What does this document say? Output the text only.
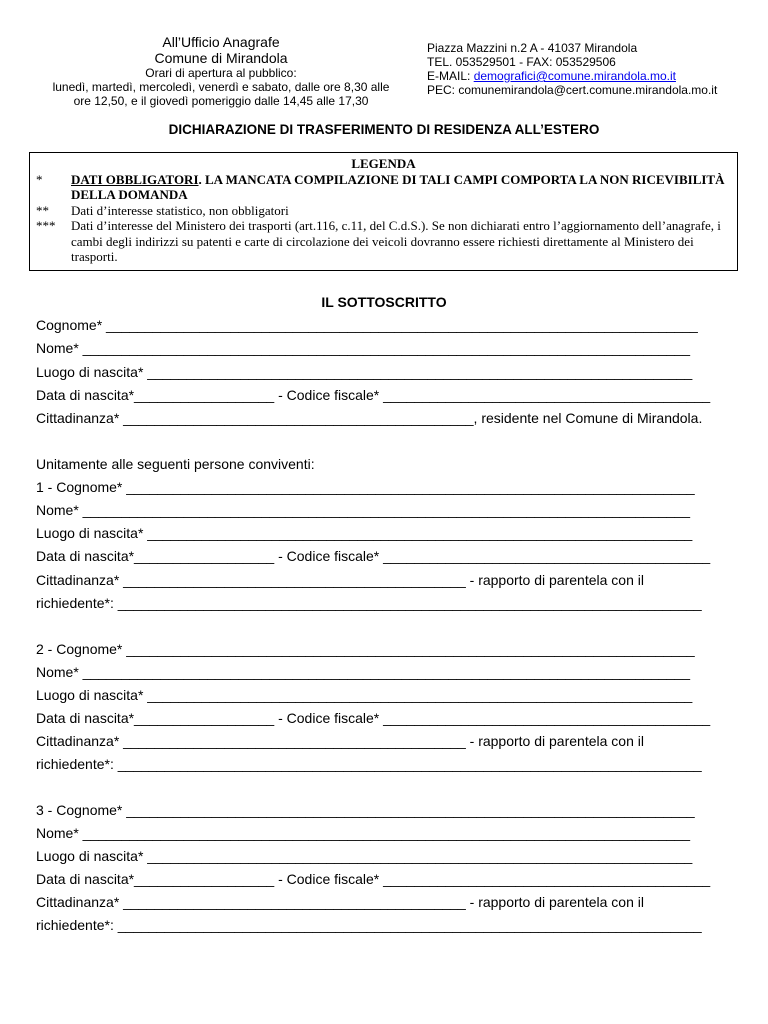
All’Ufficio Anagrafe
Comune di Mirandola
Orari di apertura al pubblico:
lunedì, martedì, mercoledì, venerdì e sabato, dalle ore 8,30 alle
ore 12,50, e il giovedì pomeriggio dalle 14,45 alle 17,30
Piazza Mazzini n.2 A - 41037 Mirandola
TEL. 053529501 - FAX: 053529506
E-MAIL: demografici@comune.mirandola.mo.it
PEC: comunemirandola@cert.comune.mirandola.mo.it
DICHIARAZIONE DI TRASFERIMENTO DI RESIDENZA ALL’ESTERO
LEGENDA
* DATI OBBLIGATORI. LA MANCATA COMPILAZIONE DI TALI CAMPI COMPORTA LA NON RICEVIBILITÀ DELLA DOMANDA
** Dati d’interesse statistico, non obbligatori
*** Dati d’interesse del Ministero dei trasporti (art.116, c.11, del C.d.S.). Se non dichiarati entro l’aggiornamento dell’anagrafe, i cambi degli indirizzi su patenti e carte di circolazione dei veicoli dovranno essere richiesti direttamente al Ministero dei trasporti.
IL SOTTOSCRITTO
Cognome* ____________________________________________________________________________
Nome* ______________________________________________________________________________
Luogo di nascita* ______________________________________________________________________
Data di nascita*__________________ - Codice fiscale* __________________________________________
Cittadinanza* _____________________________________________, residente nel Comune di Mirandola.
Unitamente alle seguenti persone conviventi:
1 - Cognome* _________________________________________________________________________
Nome* ______________________________________________________________________________
Luogo di nascita* ______________________________________________________________________
Data di nascita*__________________ - Codice fiscale* __________________________________________
Cittadinanza* ____________________________________________ - rapporto di parentela con il
richiedente*: ___________________________________________________________________________
2 - Cognome* _________________________________________________________________________
Nome* ______________________________________________________________________________
Luogo di nascita* ______________________________________________________________________
Data di nascita*__________________ - Codice fiscale* __________________________________________
Cittadinanza* ____________________________________________ - rapporto di parentela con il
richiedente*: ___________________________________________________________________________
3 - Cognome* _________________________________________________________________________
Nome* ______________________________________________________________________________
Luogo di nascita* ______________________________________________________________________
Data di nascita*__________________ - Codice fiscale* __________________________________________
Cittadinanza* ____________________________________________ - rapporto di parentela con il
richiedente*: ___________________________________________________________________________
